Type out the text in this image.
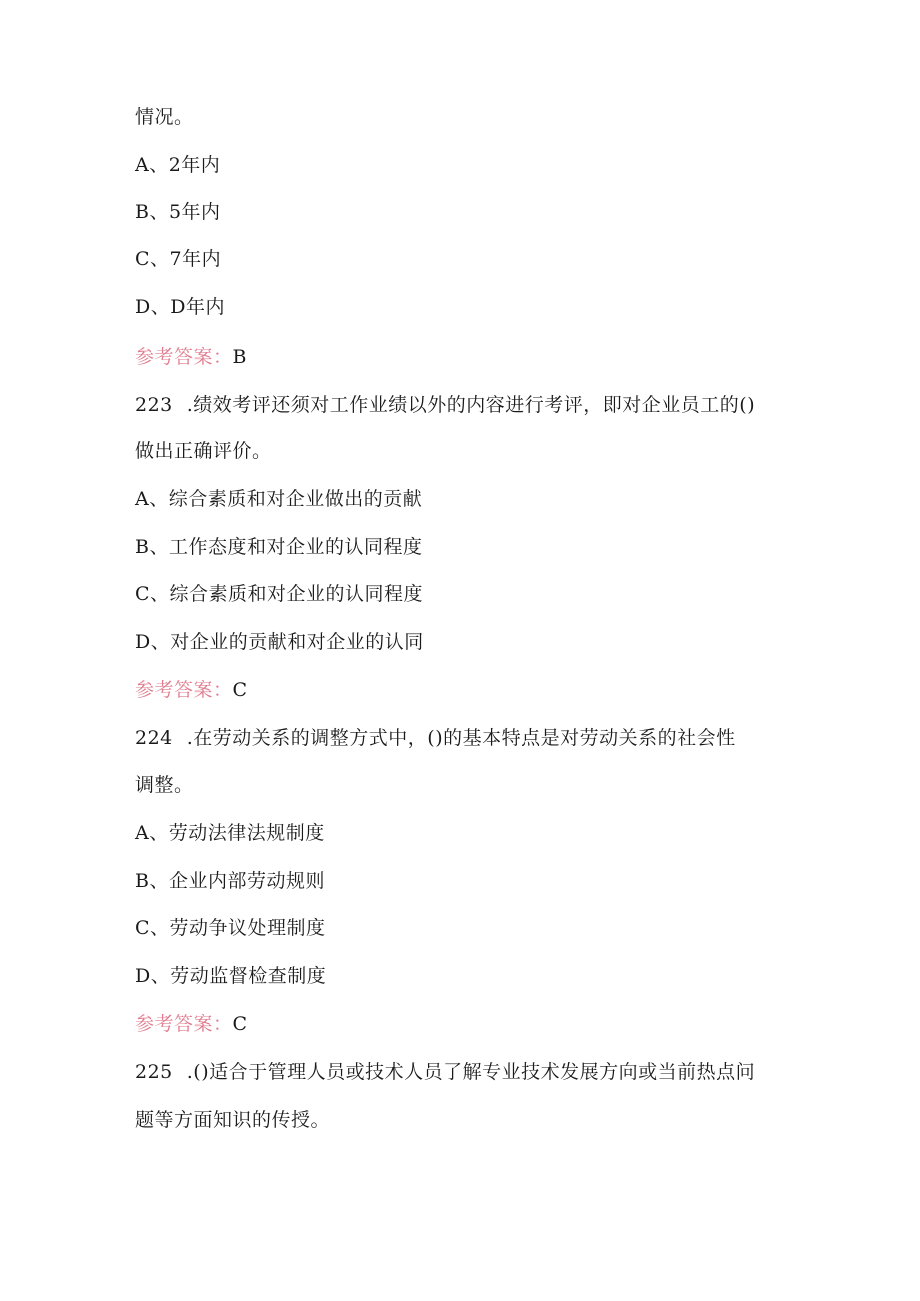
情况。
A、2年内
B、5年内
C、7年内
D、D年内
参考答案：B
223 .绩效考评还须对工作业绩以外的内容进行考评，即对企业员工的()
做出正确评价。
A、综合素质和对企业做出的贡献
B、工作态度和对企业的认同程度
C、综合素质和对企业的认同程度
D、对企业的贡献和对企业的认同
参考答案：C
224 .在劳动关系的调整方式中，()的基本特点是对劳动关系的社会性
调整。
A、劳动法律法规制度
B、企业内部劳动规则
C、劳动争议处理制度
D、劳动监督检查制度
参考答案：C
225 .()适合于管理人员或技术人员了解专业技术发展方向或当前热点问
题等方面知识的传授。
